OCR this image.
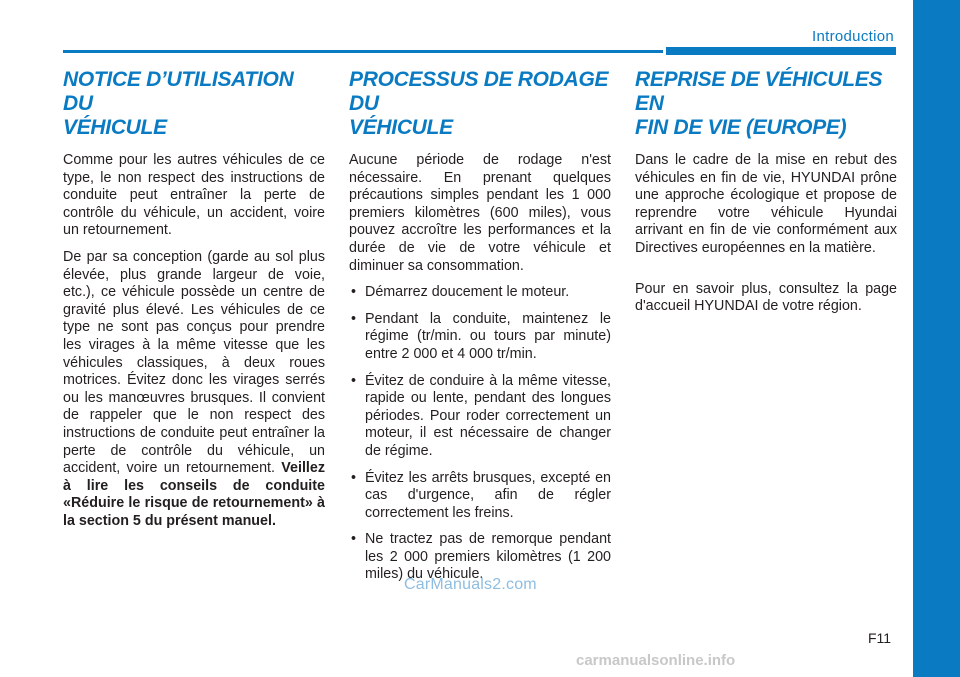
Introduction
NOTICE D’UTILISATION DU
VÉHICULE

Comme pour les autres véhicules de ce type, le non respect des instructions de conduite peut entraîner la perte de contrôle du véhicule, un accident, voire un retournement.

De par sa conception (garde au sol plus élevée, plus grande largeur de voie, etc.), ce véhicule possède un centre de gravité plus élevé. Les véhicules de ce type ne sont pas conçus pour prendre les virages à la même vitesse que les véhicules classiques, à deux roues motrices. Évitez donc les virages serrés ou les manœuvres brusques. Il convient de rappeler que le non respect des instructions de conduite peut entraîner la perte de contrôle du véhicule, un accident, voire un retournement. Veillez à lire les conseils de conduite «Réduire le risque de retournement» à la section 5 du présent manuel.

PROCESSUS DE RODAGE DU
VÉHICULE

Aucune période de rodage n'est nécessaire. En prenant quelques précautions simples pendant les 1 000 premiers kilomètres (600 miles), vous pouvez accroître les performances et la durée de vie de votre véhicule et diminuer sa consommation.

• Démarrez doucement le moteur.
• Pendant la conduite, maintenez le régime (tr/min. ou tours par minute) entre 2 000 et 4 000 tr/min.
• Évitez de conduire à la même vitesse, rapide ou lente, pendant des longues périodes. Pour roder correctement un moteur, il est nécessaire de changer de régime.
• Évitez les arrêts brusques, excepté en cas d'urgence, afin de régler correctement les freins.
• Ne tractez pas de remorque pendant les 2 000 premiers kilomètres (1 200 miles) du véhicule.
REPRISE DE VÉHICULES EN
FIN DE VIE (EUROPE)

Dans le cadre de la mise en rebut des véhicules en fin de vie, HYUNDAI prône une approche écologique et propose de reprendre votre véhicule Hyundai arrivant en fin de vie conformément aux Directives européennes en la matière.

Pour en savoir plus, consultez la page d'accueil HYUNDAI de votre région.

CarManuals2.com
F11
carmanualsonline.info
